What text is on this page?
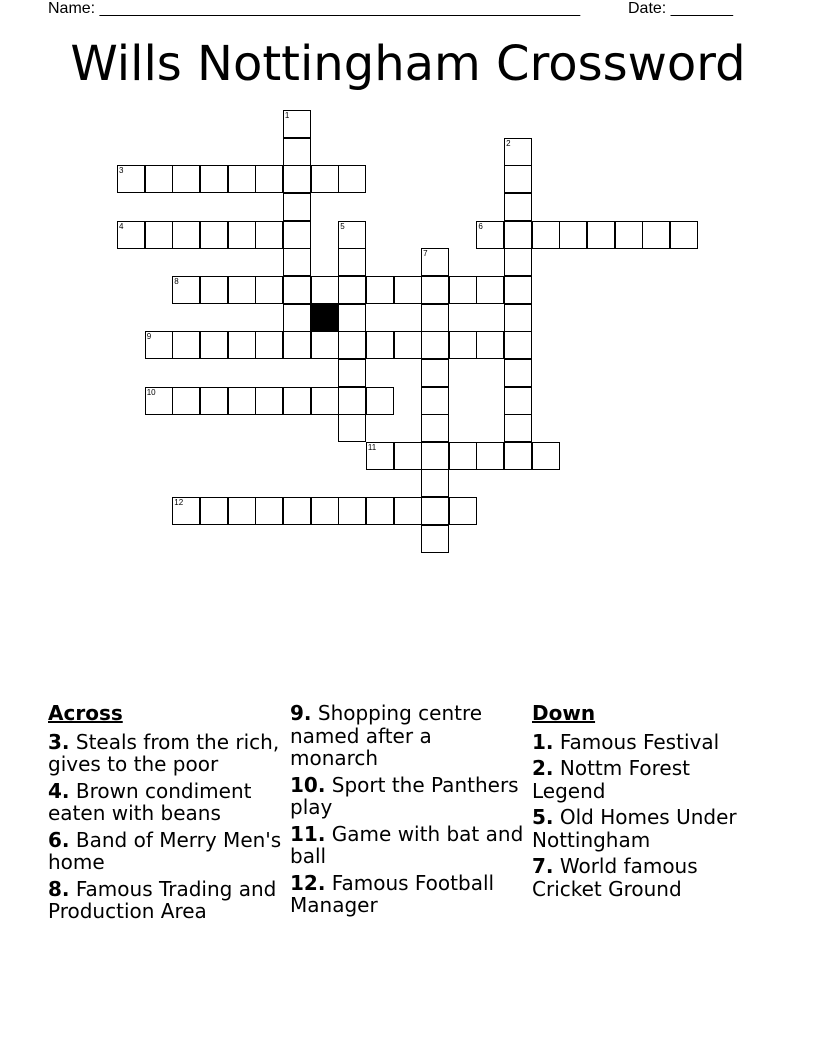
Name: ______________________________________________________	Date: _______
Wills Nottingham Crossword
1
2
3
4	5	6
7
8
9
10
11
12
Across
3. Steals from the rich, gives to the poor
4. Brown condiment eaten with beans
6. Band of Merry Men's home
8. Famous Trading and Production Area
9. Shopping centre named after a monarch
10. Sport the Panthers play
11. Game with bat and ball
12. Famous Football Manager
Down
1. Famous Festival
2. Nottm Forest Legend
5. Old Homes Under Nottingham
7. World famous Cricket Ground
